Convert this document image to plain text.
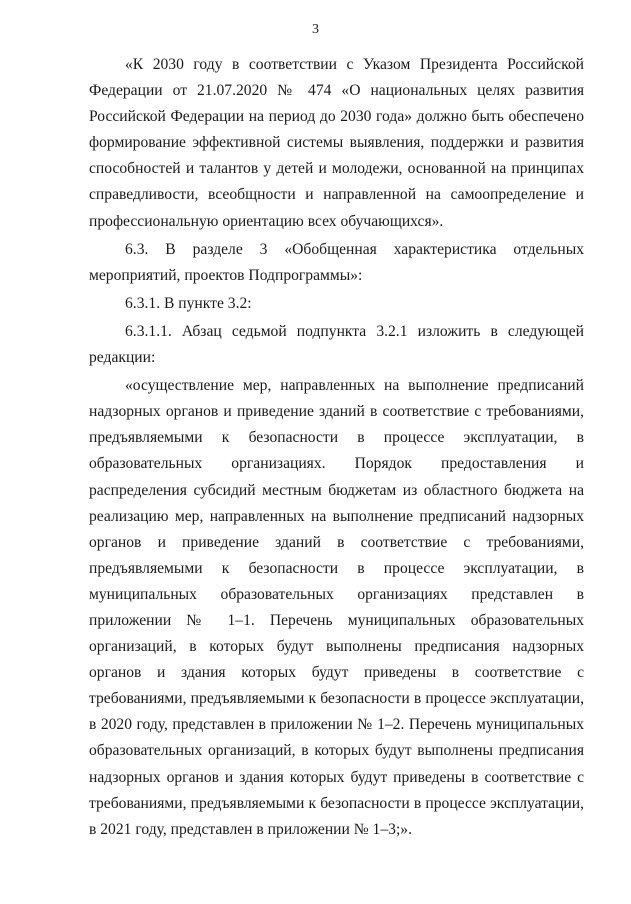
3

«К 2030 году в соответствии с Указом Президента Российской Федерации от 21.07.2020 № 474 «О национальных целях развития Российской Федерации на период до 2030 года» должно быть обеспечено формирование эффективной системы выявления, поддержки и развития способностей и талантов у детей и молодежи, основанной на принципах справедливости, всеобщности и направленной на самоопределение и профессиональную ориентацию всех обучающихся».

6.3. В разделе 3 «Обобщенная характеристика отдельных мероприятий, проектов Подпрограммы»:

6.3.1. В пункте 3.2:

6.3.1.1. Абзац седьмой подпункта 3.2.1 изложить в следующей редакции:

«осуществление мер, направленных на выполнение предписаний надзорных органов и приведение зданий в соответствие с требованиями, предъявляемыми к безопасности в процессе эксплуатации, в образовательных организациях. Порядок предоставления и распределения субсидий местным бюджетам из областного бюджета на реализацию мер, направленных на выполнение предписаний надзорных органов и приведение зданий в соответствие с требованиями, предъявляемыми к безопасности в процессе эксплуатации, в муниципальных образовательных организациях представлен в приложении № 1–1. Перечень муниципальных образовательных организаций, в которых будут выполнены предписания надзорных органов и здания которых будут приведены в соответствие с требованиями, предъявляемыми к безопасности в процессе эксплуатации, в 2020 году, представлен в приложении № 1–2. Перечень муниципальных образовательных организаций, в которых будут выполнены предписания надзорных органов и здания которых будут приведены в соответствие с требованиями, предъявляемыми к безопасности в процессе эксплуатации, в 2021 году, представлен в приложении № 1–3;».
